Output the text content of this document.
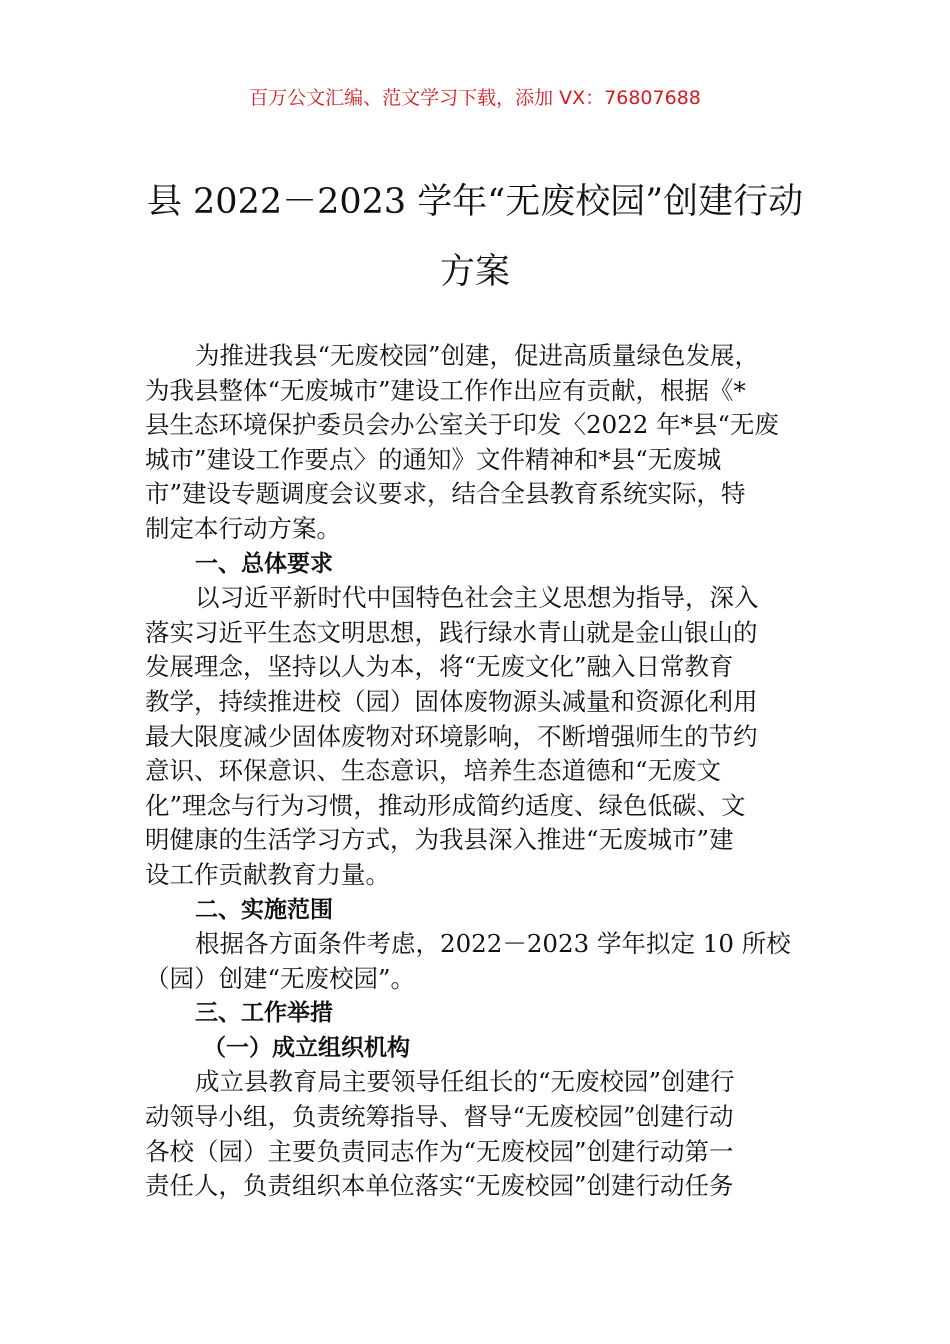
百万公文汇编、范文学习下载，添加 VX：76807688
县 2022－2023 学年“无废校园”创建行动
方案
为推进我县“无废校园”创建，促进高质量绿色发展，
为我县整体“无废城市”建设工作作出应有贡献，根据《*
县生态环境保护委员会办公室关于印发〈2022 年*县“无废
城市”建设工作要点〉的通知》文件精神和*县“无废城
市”建设专题调度会议要求，结合全县教育系统实际，特
制定本行动方案。
一、总体要求
以习近平新时代中国特色社会主义思想为指导，深入
落实习近平生态文明思想，践行绿水青山就是金山银山的
发展理念，坚持以人为本，将“无废文化”融入日常教育
教学，持续推进校（园）固体废物源头减量和资源化利用
最大限度减少固体废物对环境影响，不断增强师生的节约
意识、环保意识、生态意识，培养生态道德和“无废文
化”理念与行为习惯，推动形成简约适度、绿色低碳、文
明健康的生活学习方式，为我县深入推进“无废城市”建
设工作贡献教育力量。
二、实施范围
根据各方面条件考虑，2022－2023 学年拟定 10 所校
（园）创建“无废校园”。
三、工作举措
（一）成立组织机构
成立县教育局主要领导任组长的“无废校园”创建行
动领导小组，负责统筹指导、督导“无废校园”创建行动
各校（园）主要负责同志作为“无废校园”创建行动第一
责任人，负责组织本单位落实“无废校园”创建行动任务
